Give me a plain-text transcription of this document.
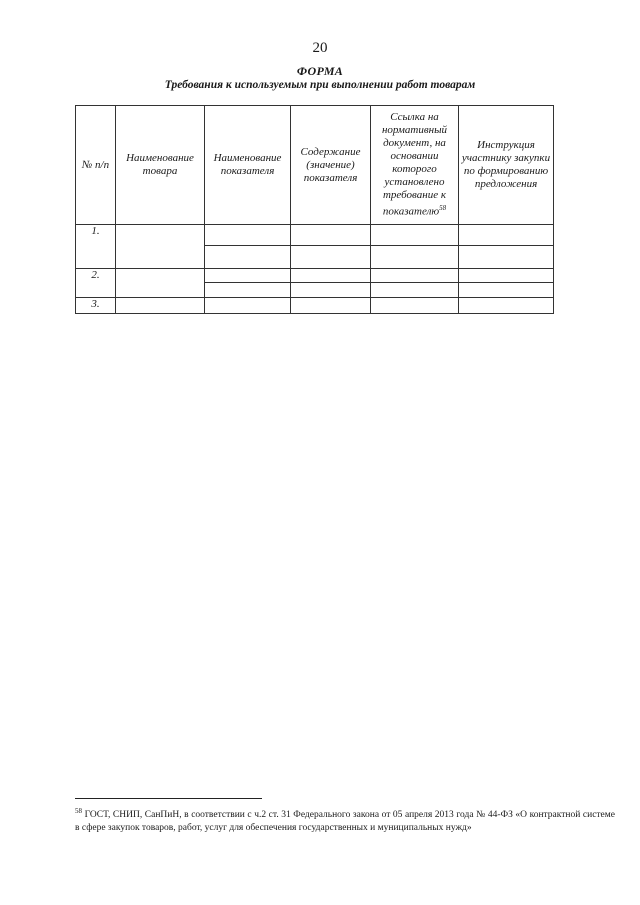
20
ФОРМА
Требования к используемым при выполнении работ товарам
№ п/п	Наименование товара	Наименование показателя	Содержание (значение) показателя	Ссылка на нормативный документ, на основании которого установлено требование к показателю$^{58}$	Инструкция участнику закупки по формированию предложения
1.					

2.					

3.					
$^{58}$ ГОСТ, СНИП, СанПиН, в соответствии с ч.2 ст. 31 Федерального закона от 05 апреля 2013 года № 44-ФЗ «О контрактной системе в сфере закупок товаров, работ, услуг для обеспечения государственных и муниципальных нужд»
